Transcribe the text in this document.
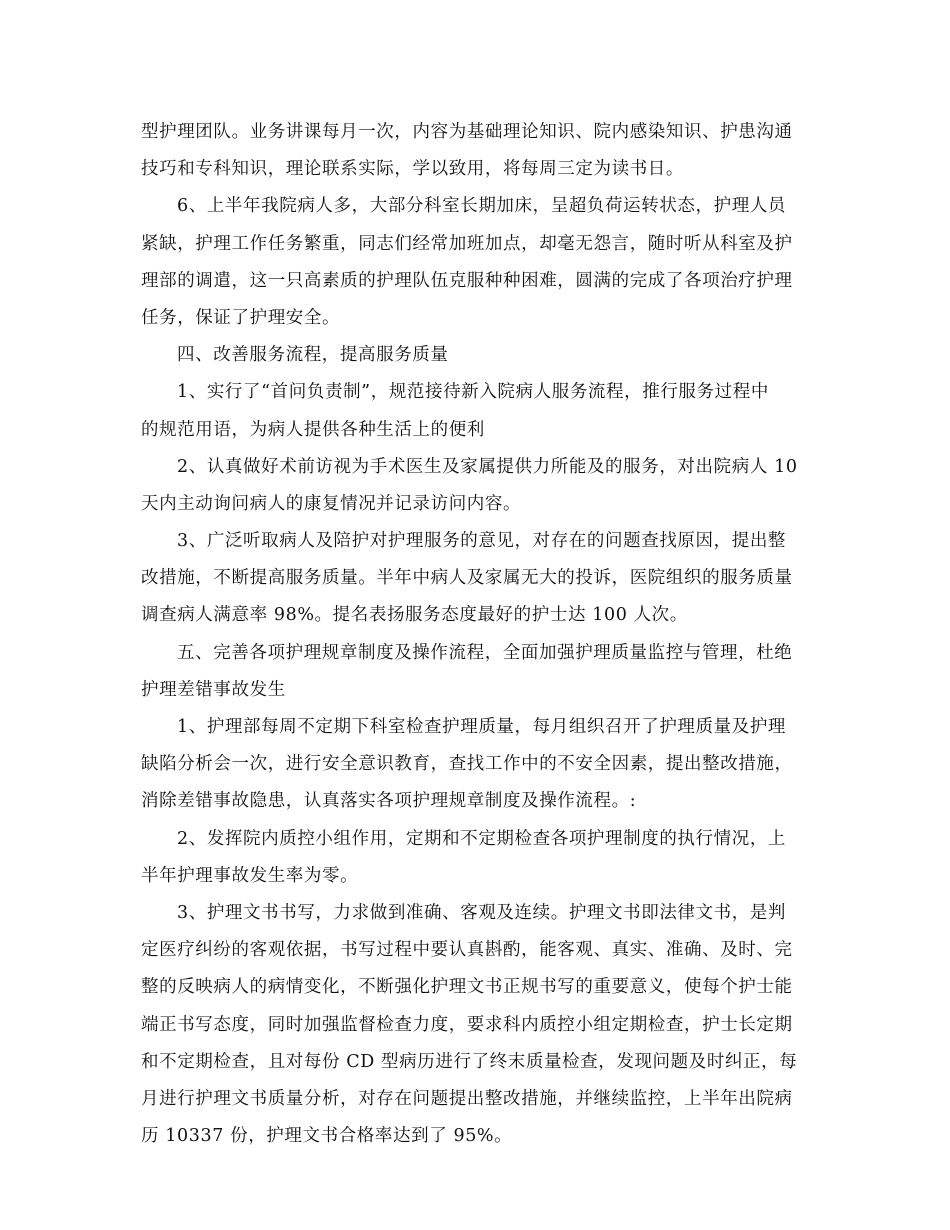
型护理团队。业务讲课每月一次，内容为基础理论知识、院内感染知识、护患沟通
技巧和专科知识，理论联系实际，学以致用，将每周三定为读书日。
6、上半年我院病人多，大部分科室长期加床，呈超负荷运转状态，护理人员
紧缺，护理工作任务繁重，同志们经常加班加点，却毫无怨言，随时听从科室及护
理部的调遣，这一只高素质的护理队伍克服种种困难，圆满的完成了各项治疗护理
任务，保证了护理安全。
四、改善服务流程，提高服务质量
1、实行了“首问负责制”，规范接待新入院病人服务流程，推行服务过程中
的规范用语，为病人提供各种生活上的便利
2、认真做好术前访视为手术医生及家属提供力所能及的服务，对出院病人 10
天内主动询问病人的康复情况并记录访问内容。
3、广泛听取病人及陪护对护理服务的意见，对存在的问题查找原因，提出整
改措施，不断提高服务质量。半年中病人及家属无大的投诉，医院组织的服务质量
调查病人满意率 98%。提名表扬服务态度最好的护士达 100 人次。
五、完善各项护理规章制度及操作流程，全面加强护理质量监控与管理，杜绝
护理差错事故发生
1、护理部每周不定期下科室检查护理质量，每月组织召开了护理质量及护理
缺陷分析会一次，进行安全意识教育，查找工作中的不安全因素，提出整改措施，
消除差错事故隐患，认真落实各项护理规章制度及操作流程。:
2、发挥院内质控小组作用，定期和不定期检查各项护理制度的执行情况，上
半年护理事故发生率为零。
3、护理文书书写，力求做到准确、客观及连续。护理文书即法律文书，是判
定医疗纠纷的客观依据，书写过程中要认真斟酌，能客观、真实、准确、及时、完
整的反映病人的病情变化，不断强化护理文书正规书写的重要意义，使每个护士能
端正书写态度，同时加强监督检查力度，要求科内质控小组定期检查，护士长定期
和不定期检查，且对每份 CD 型病历进行了终末质量检查，发现问题及时纠正，每
月进行护理文书质量分析，对存在问题提出整改措施，并继续监控，上半年出院病
历 10337 份，护理文书合格率达到了 95%。
